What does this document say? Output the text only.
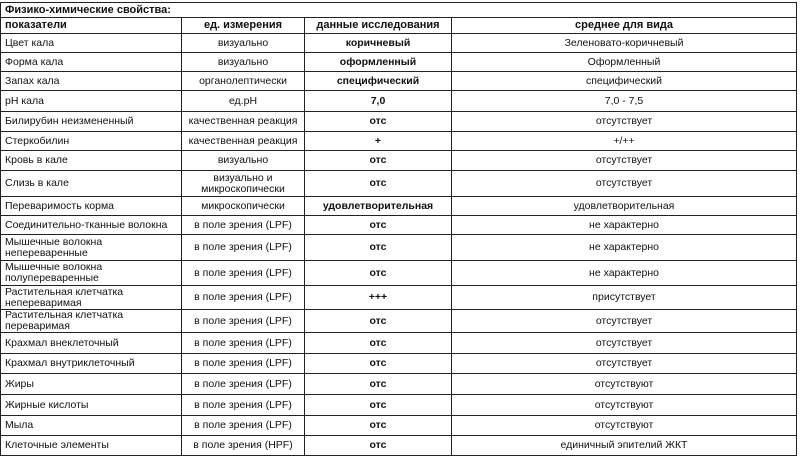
Физико-химические свойства:			
показатели	ед. измерения	данные исследования	среднее для вида
Цвет кала	визуально	коричневый	Зеленовато-коричневый
Форма кала	визуально	оформленный	Оформленный
Запах кала	органолептически	специфический	специфический
pH кала	ед.pH	7,0	7,0 - 7,5
Билирубин неизмененный	качественная реакция	отс	отсутствует
Стеркобилин	качественная реакция	+	+/++
Кровь в кале	визуально	отс	отсутствует
Слизь в кале	визуально и микроскопически	отс	отсутствует
Переваримость корма	микроскопически	удовлетворительная	удовлетворительная
Соединительно-тканные волокна	в поле зрения (LPF)	отс	не характерно
Мышечные волокна непереваренные	в поле зрения (LPF)	отс	не характерно
Мышечные волокна полупереваренные	в поле зрения (LPF)	отс	не характерно
Растительная клетчатка непереваримая	в поле зрения (LPF)	+++	присутствует
Растительная клетчатка переваримая	в поле зрения (LPF)	отс	отсутствует
Крахмал внеклеточный	в поле зрения (LPF)	отс	отсутствует
Крахмал внутриклеточный	в поле зрения (LPF)	отс	отсутствует
Жиры	в поле зрения (LPF)	отс	отсутствуют
Жирные кислоты	в поле зрения (LPF)	отс	отсутствуют
Мыла	в поле зрения (LPF)	отс	отсутствуют
Клеточные элементы	в поле зрения (HPF)	отс	единичный эпителий ЖКТ
